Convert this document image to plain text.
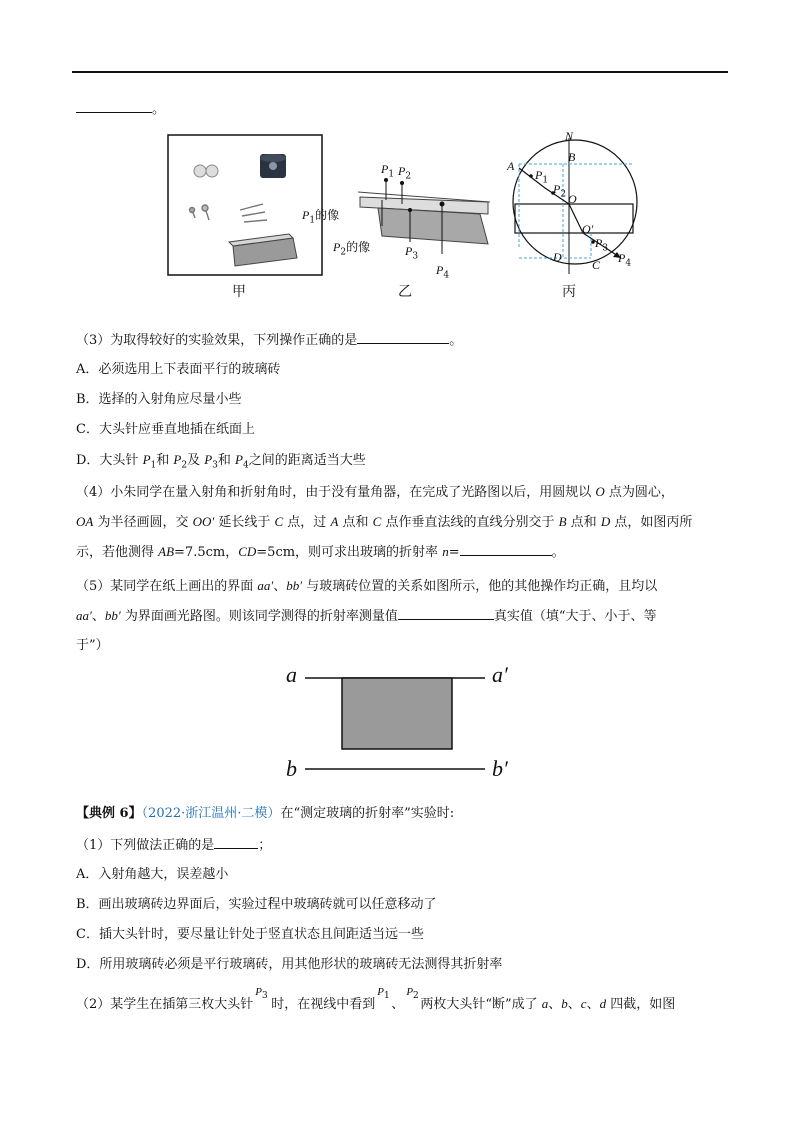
。
甲
$P_1$ $P_2$
$P_1$的像
$P_2$的像	$P_3$
$P_4$
乙
N
A
B
$P_1$
$P_2$ O
O′
$P_3$
D
C $P_4$
丙
（3）为取得较好的实验效果，下列操作正确的是	。
A．必须选用上下表面平行的玻璃砖
B．选择的入射角应尽量小些
C．大头针应垂直地插在纸面上
D．大头针 $P_1$和 $P_2$及 $P_3$和 $P_4$之间的距离适当大些
（4）小朱同学在量入射角和折射角时，由于没有量角器，在完成了光路图以后，用圆规以 O 点为圆心，
OA 为半径画圆，交 OO′ 延长线于 C 点，过 A 点和 C 点作垂直法线的直线分别交于 B 点和 D 点，如图丙所
示，若他测得 AB=7.5cm，CD=5cm，则可求出玻璃的折射率 n=	。
（5）某同学在纸上画出的界面 aa′、bb′ 与玻璃砖位置的关系如图所示，他的其他操作均正确，且均以
aa′、bb′ 为界面画光路图。则该同学测得的折射率测量值	真实值（填“大于、小于、等
于”）
a	a′
b	b′
【典例 6】（2022·浙江温州·二模）在“测定玻璃的折射率”实验时:
（1）下列做法正确的是	；
A．入射角越大，误差越小
B．画出玻璃砖边界面后，实验过程中玻璃砖就可以任意移动了
C．插大头针时，要尽量让针处于竖直状态且间距适当远一些
D．所用玻璃砖必须是平行玻璃砖，用其他形状的玻璃砖无法测得其折射率
（2）某学生在插第三枚大头针
$P_3$
时，在视线中看到
$P_1$
、
$P_2$
两枚大头针“断”成了 a、b、c、d 四截，如图
